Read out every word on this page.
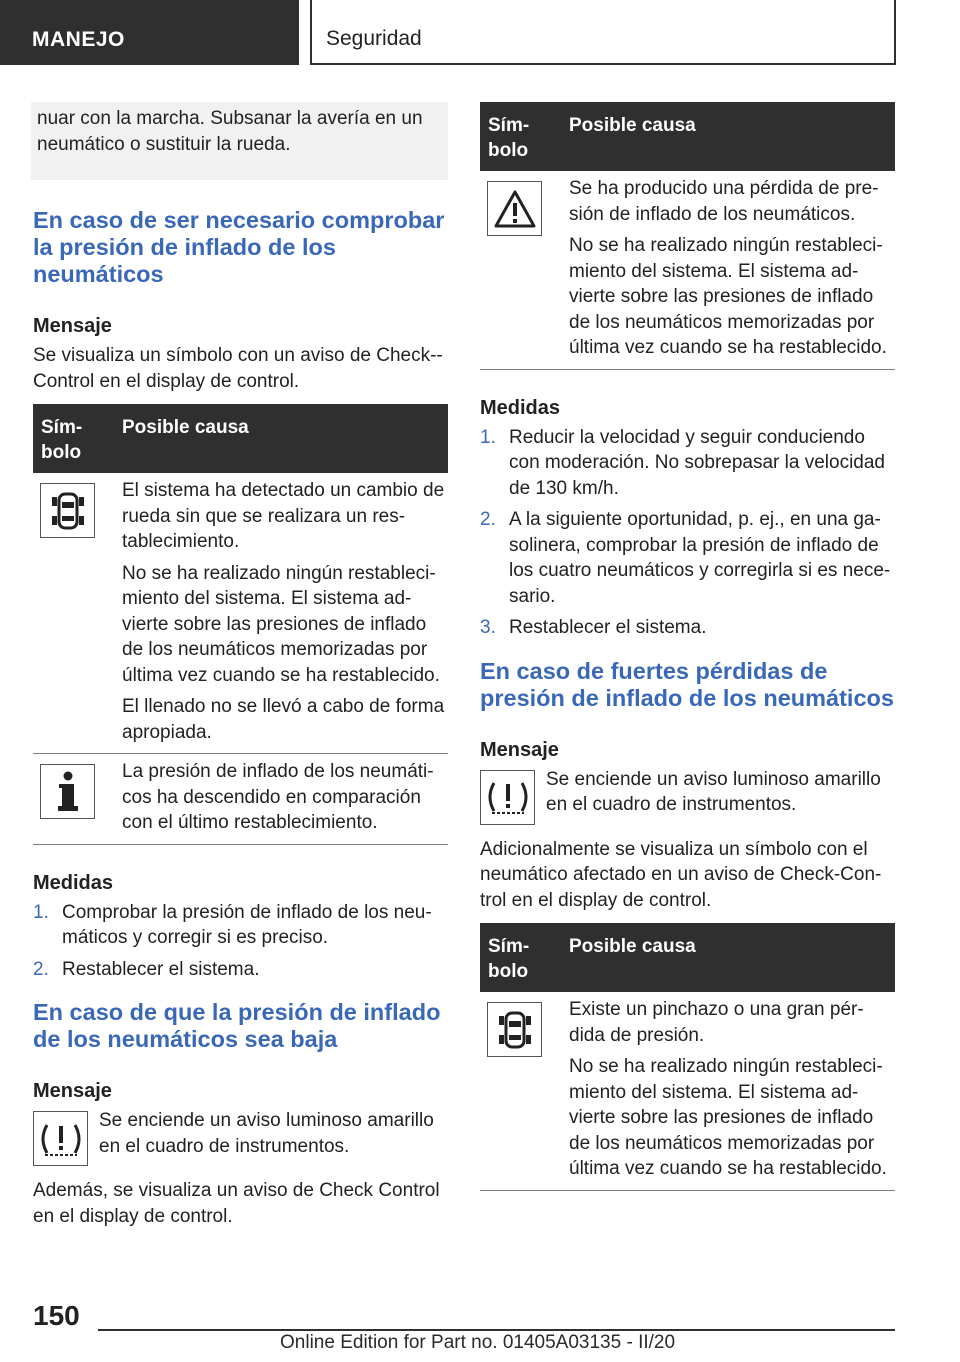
MANEJO	Seguridad
nuar con la marcha. Subsanar la avería en un neumático o sustituir la rueda.
En caso de ser necesario comprobar la presión de inflado de los neumáticos
Mensaje
Se visualiza un símbolo con un aviso de Check--Control en el display de control.
Sím-
bolo	Posible causa

El sistema ha detectado un cambio de rueda sin que se realizara un res-tablecimiento.
No se ha realizado ningún restableci-miento del sistema. El sistema ad-vierte sobre las presiones de inflado de los neumáticos memorizadas por última vez cuando se ha restablecido.
El llenado no se llevó a cabo de forma apropiada.

La presión de inflado de los neumáti-cos ha descendido en comparación con el último restablecimiento.
Medidas
1. Comprobar la presión de inflado de los neu-máticos y corregir si es preciso.
2. Restablecer el sistema.
En caso de que la presión de inflado de los neumáticos sea baja
Mensaje
Se enciende un aviso luminoso amarillo en el cuadro de instrumentos.
Además, se visualiza un aviso de Check Control en el display de control.
Sím-
bolo	Posible causa

Se ha producido una pérdida de pre-sión de inflado de los neumáticos.
No se ha realizado ningún restableci-miento del sistema. El sistema ad-vierte sobre las presiones de inflado de los neumáticos memorizadas por última vez cuando se ha restablecido.
Medidas
1. Reducir la velocidad y seguir conduciendo con moderación. No sobrepasar la velocidad de 130 km/h.
2. A la siguiente oportunidad, p. ej., en una ga-solinera, comprobar la presión de inflado de los cuatro neumáticos y corregirla si es nece-sario.
3. Restablecer el sistema.
En caso de fuertes pérdidas de presión de inflado de los neumáticos
Mensaje
Se enciende un aviso luminoso amarillo en el cuadro de instrumentos.
Adicionalmente se visualiza un símbolo con el neumático afectado en un aviso de Check-Con-trol en el display de control.
Sím-
bolo	Posible causa

Existe un pinchazo o una gran pér-dida de presión.
No se ha realizado ningún restableci-miento del sistema. El sistema ad-vierte sobre las presiones de inflado de los neumáticos memorizadas por última vez cuando se ha restablecido.
150
Online Edition for Part no. 01405A03135 - II/20
